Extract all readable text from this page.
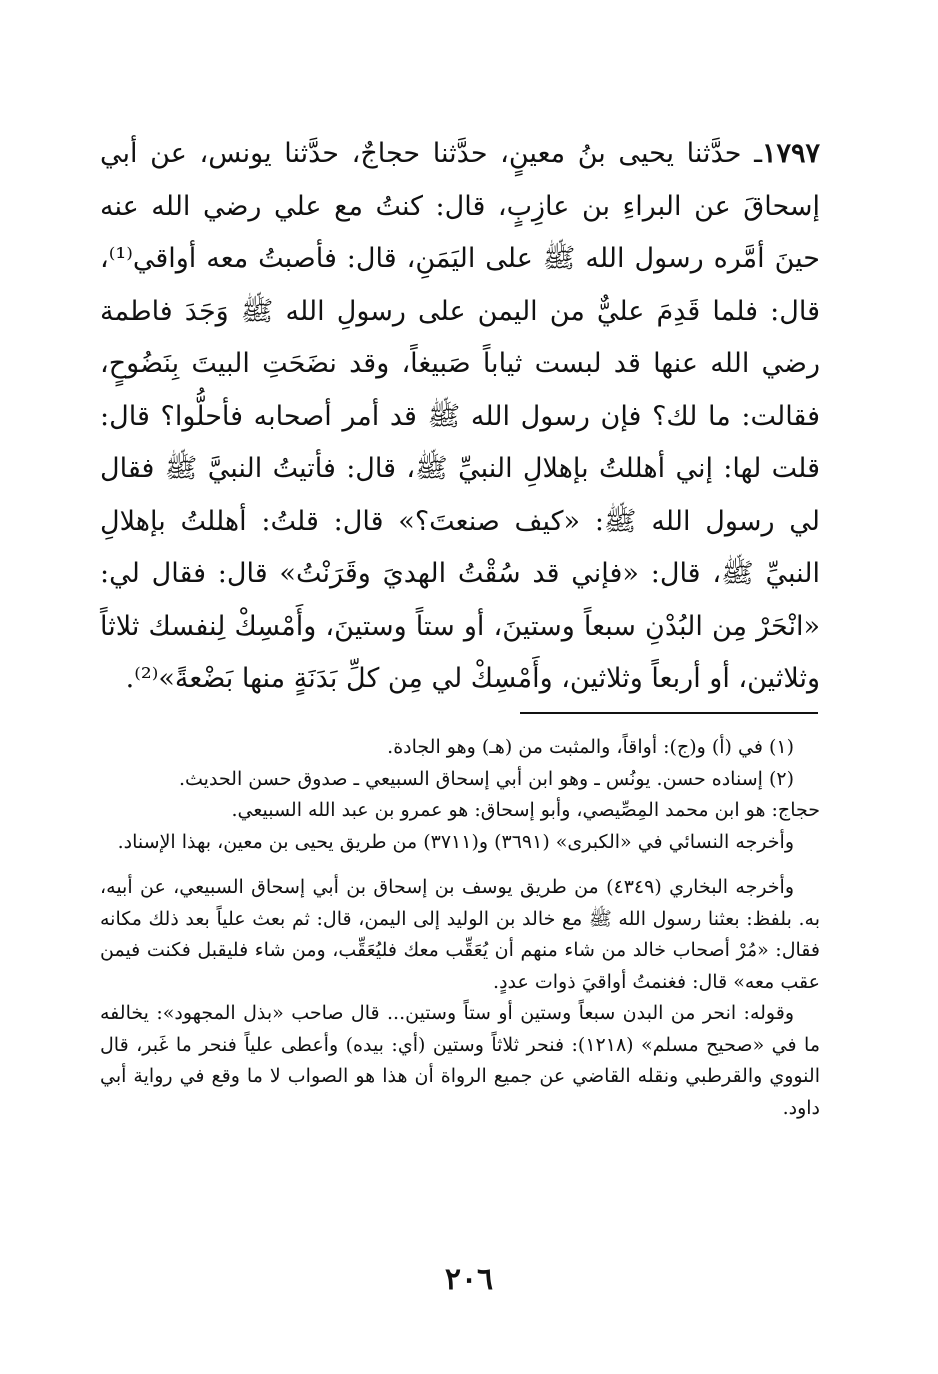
١٧٩٧ـ حدَّثنا يحيى بنُ معينٍ، حدَّثنا حجاجٌ، حدَّثنا يونس، عن أبي إسحاقَ عن البراءِ بن عازِبٍ، قال: كنتُ مع علي رضي الله عنه حينَ أمَّره رسول الله ﷺ على اليَمَنِ، قال: فأصبتُ معه أواقي⁽¹⁾، قال: فلما قَدِمَ عليٌّ من اليمن على رسولِ الله ﷺ وَجَدَ فاطمة رضي الله عنها قد لبست ثياباً صَبيغاً، وقد نضَحَتِ البيتَ بِنَضُوحٍ، فقالت: ما لك؟ فإن رسول الله ﷺ قد أمر أصحابه فأحلُّوا؟ قال: قلت لها: إني أهللتُ بإهلالِ النبيِّ ﷺ، قال: فأتيتُ النبيَّ ﷺ فقال لي رسول الله ﷺ: «كيف صنعتَ؟» قال: قلتُ: أهللتُ بإهلالِ النبيِّ ﷺ، قال: «فإني قد سُقْتُ الهديَ وقَرَنْتُ» قال: فقال لي: «انْحَرْ مِن البُدْنِ سبعاً وستينَ، أو ستاً وستينَ، وأَمْسِكْ لِنفسك ثلاثاً وثلاثين، أو أربعاً وثلاثين، وأَمْسِكْ لي مِن كلِّ بَدَنَةٍ منها بَضْعةً»⁽²⁾.

(١) في (أ) و(ج): أواقاً، والمثبت من (هـ) وهو الجادة.

(٢) إسناده حسن. يونُس ـ وهو ابن أبي إسحاق السبيعي ـ صدوق حسن الحديث.

حجاج: هو ابن محمد المِصِّيصي، وأبو إسحاق: هو عمرو بن عبد الله السبيعي.

وأخرجه النسائي في «الكبرى» (٣٦٩١) و(٣٧١١) من طريق يحيى بن معين، بهذا الإسناد.

وأخرجه البخاري (٤٣٤٩) من طريق يوسف بن إسحاق بن أبي إسحاق السبيعي، عن أبيه، به. بلفظ: بعثنا رسول الله ﷺ مع خالد بن الوليد إلى اليمن، قال: ثم بعث علياً بعد ذلك مكانه فقال: «مُرْ أصحاب خالد من شاء منهم أن يُعَقِّب معك فليُعَقِّب، ومن شاء فليقبل فكنت فيمن عقب معه» قال: فغنمتُ أواقيَ ذوات عددٍ.

وقوله: انحر من البدن سبعاً وستين أو ستاً وستين... قال صاحب «بذل المجهود»: يخالفه ما في «صحيح مسلم» (١٢١٨): فنحر ثلاثاً وستين (أي: بيده) وأعطى علياً فنحر ما غَبر، قال النووي والقرطبي ونقله القاضي عن جميع الرواة أن هذا هو الصواب لا ما وقع في رواية أبي داود.

٢٠٦
